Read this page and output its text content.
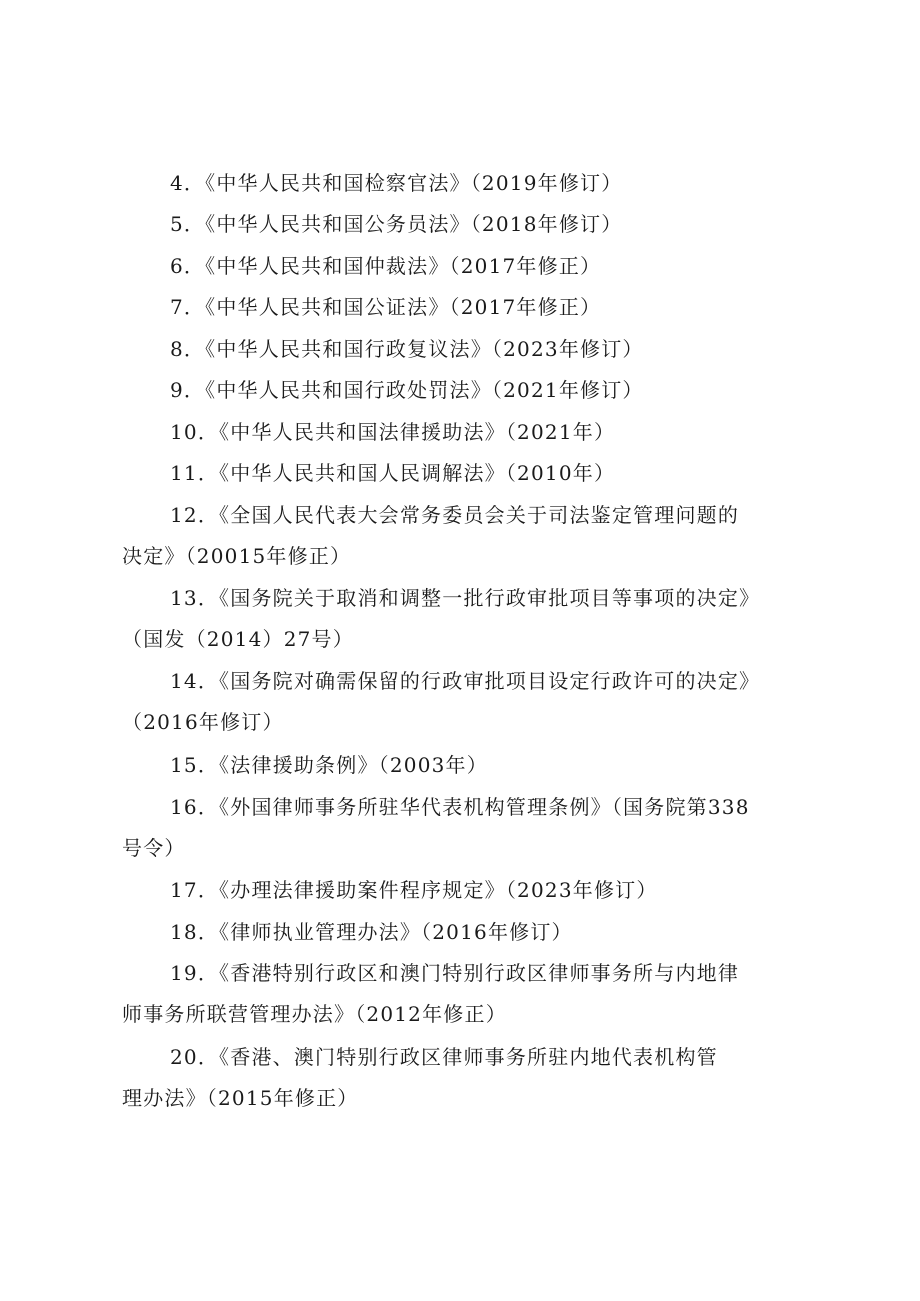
4．《中华人民共和国检察官法》（2019年修订）
5．《中华人民共和国公务员法》（2018年修订）
6．《中华人民共和国仲裁法》（2017年修正）
7．《中华人民共和国公证法》（2017年修正）
8．《中华人民共和国行政复议法》（2023年修订）
9．《中华人民共和国行政处罚法》（2021年修订）
10．《中华人民共和国法律援助法》（2021年）
11．《中华人民共和国人民调解法》（2010年）
12．《全国人民代表大会常务委员会关于司法鉴定管理问题的
决定》（20015年修正）
13．《国务院关于取消和调整一批行政审批项目等事项的决定》
（国发（2014）27号）
14．《国务院对确需保留的行政审批项目设定行政许可的决定》
（2016年修订）
15．《法律援助条例》（2003年）
16．《外国律师事务所驻华代表机构管理条例》（国务院第338
号令）
17．《办理法律援助案件程序规定》（2023年修订）
18．《律师执业管理办法》（2016年修订）
19．《香港特别行政区和澳门特别行政区律师事务所与内地律
师事务所联营管理办法》（2012年修正）
20．《香港、澳门特别行政区律师事务所驻内地代表机构管
理办法》（2015年修正）
